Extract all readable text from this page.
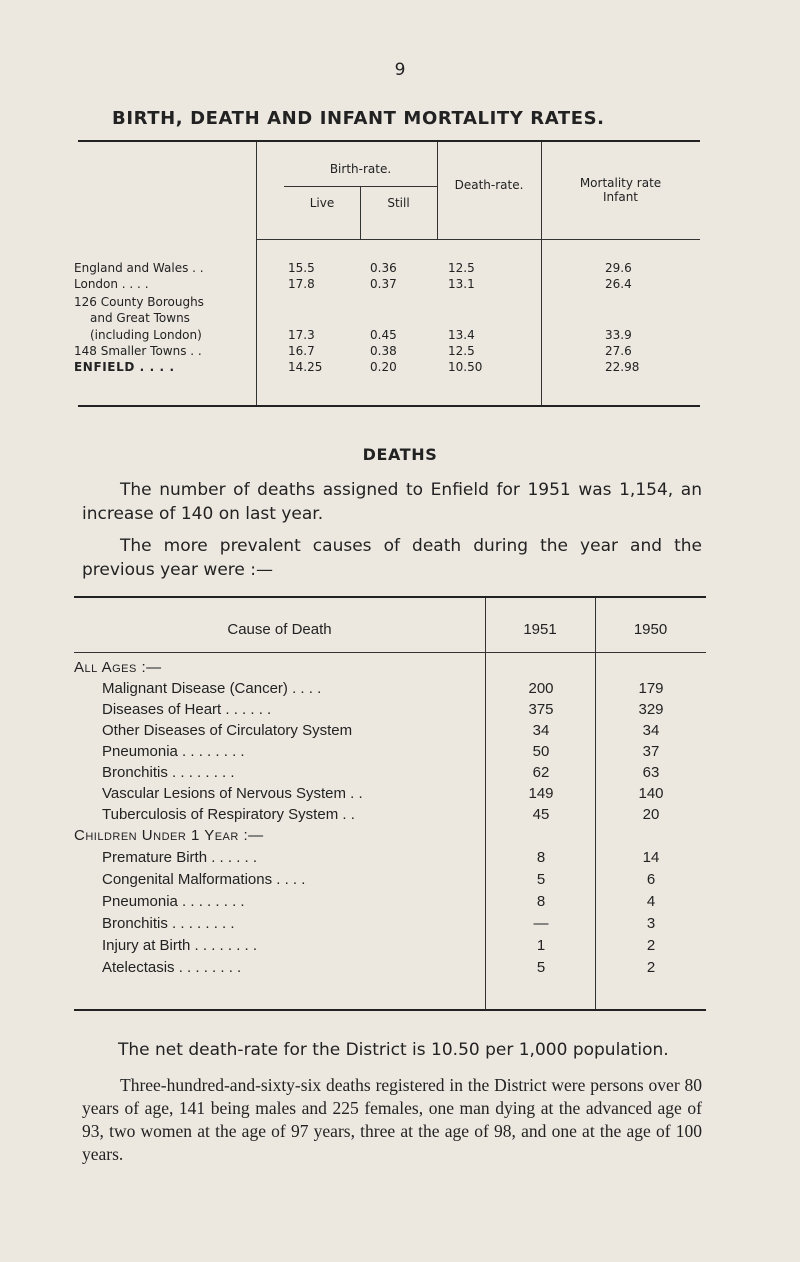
9
BIRTH, DEATH AND INFANT MORTALITY RATES.
Birth-rate.
Live	Still
Death-rate.	Mortality rate
Infant
England and Wales . .	15.5	0.36	12.5	29.6
London . . . .	17.8	0.37	13.1	26.4
126 County Boroughs
and Great Towns
(including London)	17.3	0.45	13.4	33.9
148 Smaller Towns . .	16.7	0.38	12.5	27.6
ENFIELD . . . .	14.25	0.20	10.50	22.98
DEATHS
The number of deaths assigned to Enfield for 1951 was 1,154, an increase of 140 on last year.
The more prevalent causes of death during the year and the previous year were :—
Cause of Death	1951	1950
All Ages :—
Malignant Disease (Cancer) . . . .	200	179
Diseases of Heart . . . . . .	375	329
Other Diseases of Circulatory System	34	34
Pneumonia . . . . . . . .	50	37
Bronchitis . . . . . . . .	62	63
Vascular Lesions of Nervous System . .	149	140
Tuberculosis of Respiratory System . .	45	20
Children Under 1 Year :—
Premature Birth . . . . . .	8	14
Congenital Malformations . . . .	5	6
Pneumonia . . . . . . . .	8	4
Bronchitis . . . . . . . .	—	3
Injury at Birth . . . . . . . .	1	2
Atelectasis . . . . . . . .	5	2
The net death-rate for the District is 10.50 per 1,000 population.
Three-hundred-and-sixty-six deaths registered in the District were persons over 80 years of age, 141 being males and 225 females, one man dying at the advanced age of 93, two women at the age of 97 years, three at the age of 98, and one at the age of 100 years.
